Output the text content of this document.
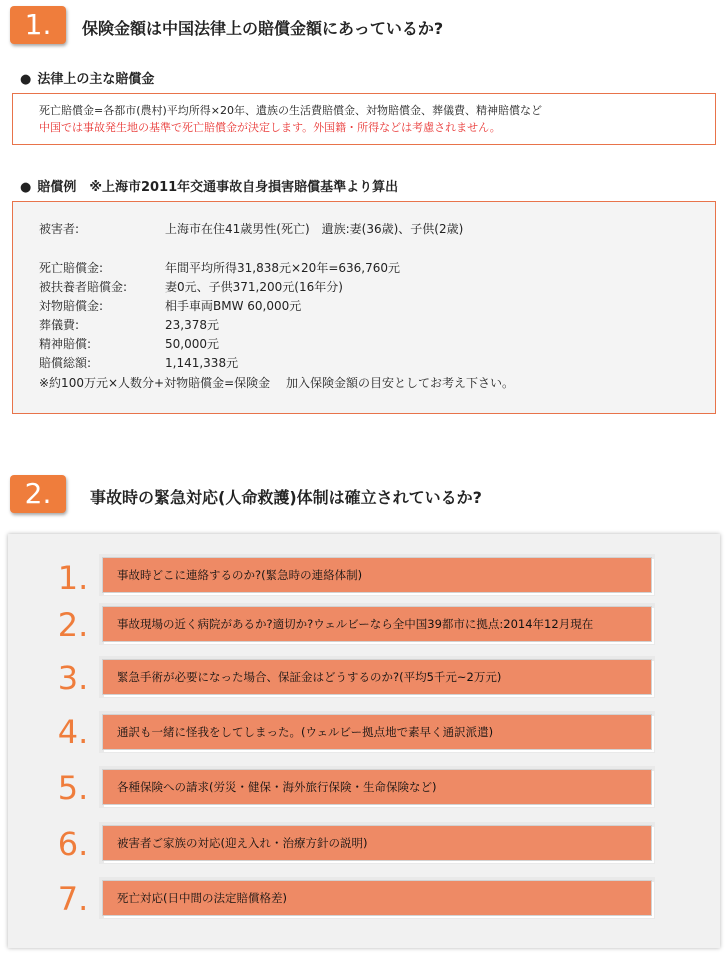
1.	保険金額は中国法律上の賠償金額にあっているか?
● 法律上の主な賠償金
死亡賠償金=各都市(農村)平均所得×20年、遺族の生活費賠償金、対物賠償金、葬儀費、精神賠償など
中国では事故発生地の基準で死亡賠償金が決定します。外国籍・所得などは考慮されません。
● 賠償例　※上海市2011年交通事故自身損害賠償基準より算出
被害者:	上海市在住41歳男性(死亡)　遺族:妻(36歳)、子供(2歳)
死亡賠償金:	年間平均所得31,838元×20年=636,760元
被扶養者賠償金:	妻0元、子供371,200元(16年分)
対物賠償金:	相手車両BMW 60,000元
葬儀費:	23,378元
精神賠償:	50,000元
賠償総額:	1,141,338元
※約100万元×人数分+対物賠償金=保険金　 加入保険金額の目安としてお考え下さい。
2.	事故時の緊急対応(人命救護)体制は確立されているか?
1.	事故時どこに連絡するのか?(緊急時の連絡体制)
2.	事故現場の近く病院があるか?適切か?ウェルビーなら全中国39都市に拠点:2014年12月現在
3.	緊急手術が必要になった場合、保証金はどうするのか?(平均5千元~2万元)
4.	通訳も一緒に怪我をしてしまった。(ウェルビー拠点地で素早く通訳派遣)
5.	各種保険への請求(労災・健保・海外旅行保険・生命保険など)
6.	被害者ご家族の対応(迎え入れ・治療方針の説明)
7.	死亡対応(日中間の法定賠償格差)
